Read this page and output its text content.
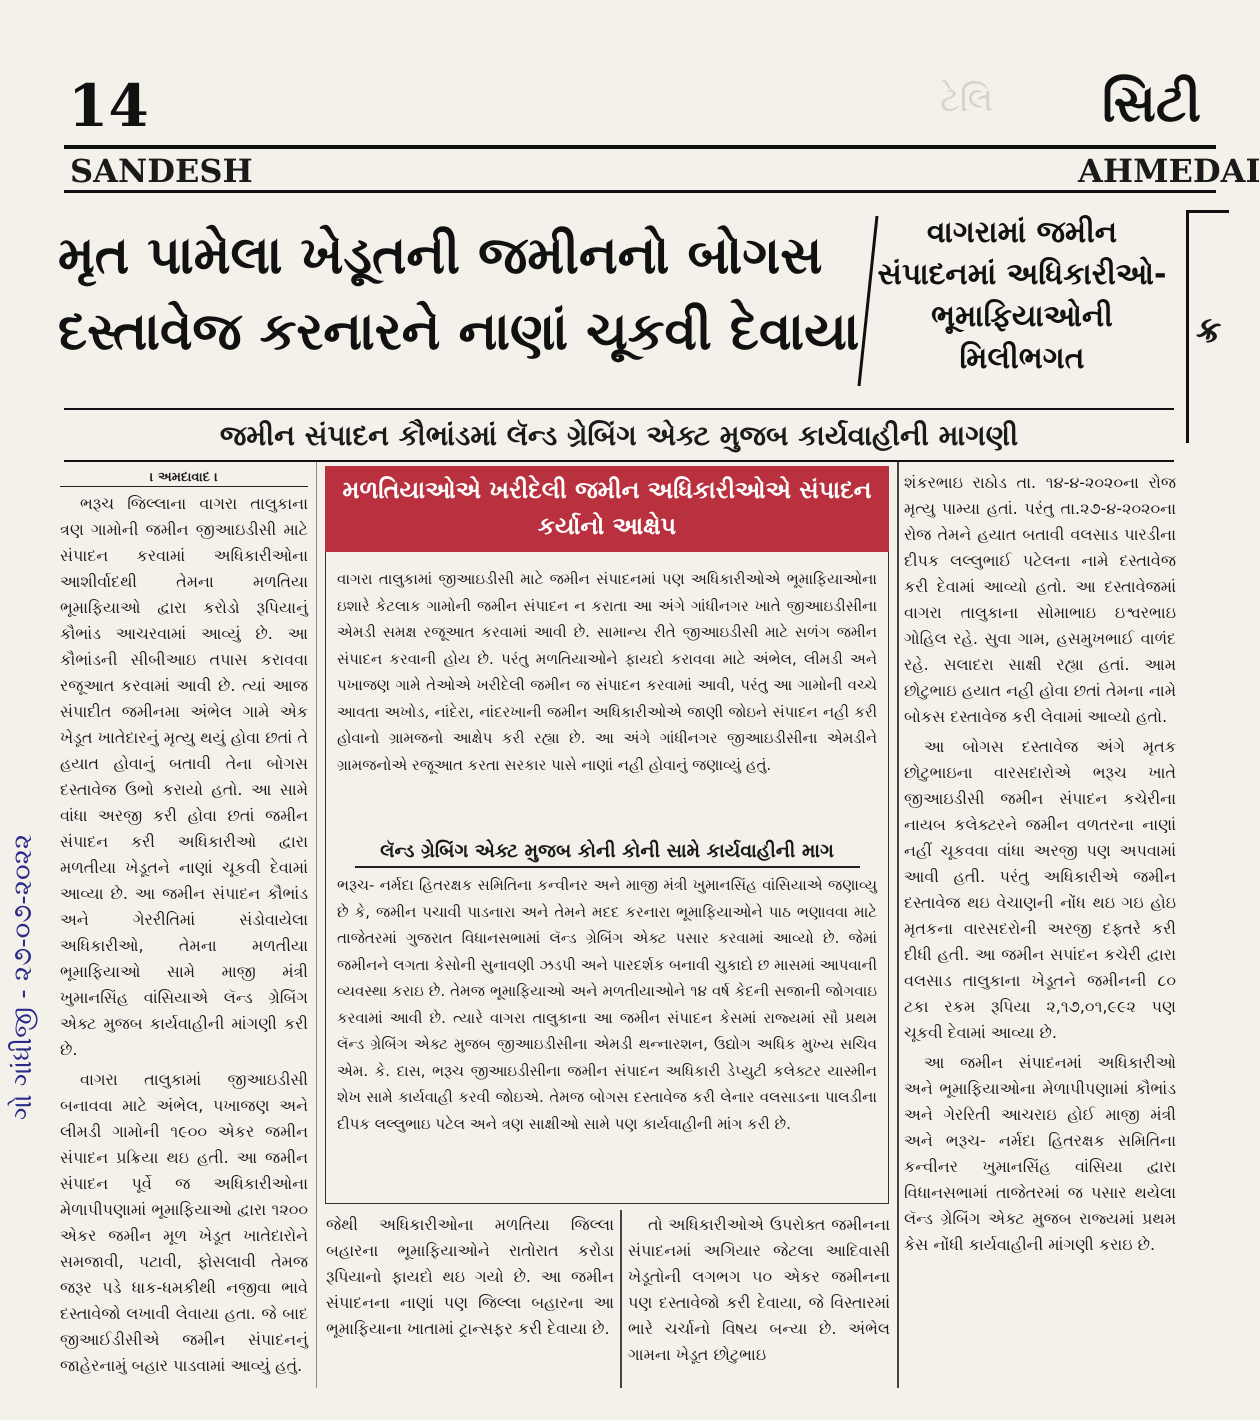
ટેલિ
14	સિટી
SANDESH	AHMEDAI
મૃત પામેલા ખેડૂતની જમીનનો બોગસ
દસ્તાવેજ કરનારને નાણાં ચૂકવી દેવાયા
વાગરામાં જમીન સંપાદનમાં અધિકારીઓ-ભૂમાફિયાઓની મિલીભગત
ક્ર
જમીન સંપાદન કૌભાંડમાં લૅન્ડ ગ્રેબિંગ એક્ટ મુજબ કાર્યવાહીની માગણી
ગો ગાંધીજી - ૨૭-૦૭-૨૦૨૨
। અમદાવાદ ।

ભરૂચ જિલ્લાના વાગરા તાલુકાના ત્રણ ગામોની જમીન જીઆઇડીસી માટે સંપાદન કરવામાં અધિકારીઓના આશીર્વાદથી તેમના મળતિયા ભૂમાફિયાઓ દ્વારા કરોડો રૂપિયાનું કૌભાંડ આચરવામાં આવ્યું છે. આ કૌભાંડની સીબીઆઇ તપાસ કરાવવા રજૂઆત કરવામાં આવી છે. ત્યાં આજ સંપાદીત જમીનમા અંભેલ ગામે એક ખેડૂત ખાતેદારનું મૃત્યુ થયું હોવા છતાં તે હયાત હોવાનું બતાવી તેના બોગસ દસ્તાવેજ ઉભો કરાયો હતો. આ સામે વાંધા અરજી કરી હોવા છતાં જમીન સંપાદન કરી અધિકારીઓ દ્વારા મળતીયા ખેડૂતને નાણાં ચૂકવી દેવામાં આવ્યા છે. આ જમીન સંપાદન કૌભાંડ અને ગેરરીતિમાં સંડોવાયેલા અધિકારીઓ, તેમના મળતીયા ભૂમાફિયાઓ સામે માજી મંત્રી ખુમાનસિંહ વાંસિયાએ લૅન્ડ ગ્રેબિંગ એક્ટ મુજબ કાર્યવાહીની માંગણી કરી છે.

વાગરા તાલુકામાં જીઆઇડીસી બનાવવા માટે અંભેલ, પખાજણ અને લીમડી ગામોની ૧૯૦૦ એકર જમીન સંપાદન પ્રક્રિયા થઇ હતી. આ જમીન સંપાદન પૂર્વે જ અધિકારીઓના મેળાપીપણામાં ભૂમાફિયાઓ દ્વારા ૧૨૦૦ એકર જમીન મૂળ ખેડૂત ખાતેદારોને સમજાવી, પટાવી, ફોસલાવી તેમજ જરૂર પડે ધાક-ધમકીથી નજીવા ભાવે દસ્તાવેજો લખાવી લેવાયા હતા. જે બાદ જીઆઈડીસીએ જમીન સંપાદનનું જાહેરનામું બહાર પાડવામાં આવ્યું હતું.

મળતિયાઓએ ખરીદેલી જમીન અધિકારીઓએ સંપાદન કર્યાનો આક્ષેપ
વાગરા તાલુકામાં જીઆઇડીસી માટે જમીન સંપાદનમાં પણ અધિકારીઓએ ભૂમાફિયાઓના ઇશારે કેટલાક ગામોની જમીન સંપાદન ન કરાતા આ અંગે ગાંધીનગર ખાતે જીઆઇડીસીના એમડી સમક્ષ રજૂઆત કરવામાં આવી છે. સામાન્ય રીતે જીઆઇડીસી માટે સળંગ જમીન સંપાદન કરવાની હોય છે. પરંતુ મળતિયાઓને ફાયદો કરાવવા માટે અંભેલ, લીમડી અને પખાજણ ગામે તેઓએ ખરીદેલી જમીન જ સંપાદન કરવામાં આવી, પરંતુ આ ગામોની વચ્ચે આવતા અખોડ, નાંદેરા, નાંદરખાની જમીન અધિકારીઓએ જાણી જોઇને સંપાદન નહી કરી હોવાનો ગ્રામજનો આક્ષેપ કરી રહ્યા છે. આ અંગે ગાંધીનગર જીઆઇડીસીના એમડીને ગ્રામજનોએ રજૂઆત કરતા સરકાર પાસે નાણાં નહી હોવાનું જણાવ્યું હતું.
લૅન્ડ ગ્રેબિંગ એક્ટ મુજબ કોની કોની સામે કાર્યવાહીની માગ
ભરૂચ- નર્મદા હિતરક્ષક સમિતિના કન્વીનર અને માજી મંત્રી ખુમાનસિંહ વાંસિયાએ જણાવ્યુ છે કે, જમીન પચાવી પાડનારા અને તેમને મદદ કરનારા ભૂમાફિયાઓને પાઠ ભણાવવા માટે તાજેતરમાં ગુજરાત વિધાનસભામાં લૅન્ડ ગ્રેબિંગ એક્ટ પસાર કરવામાં આવ્યો છે. જેમાં જમીનને લગતા કેસોની સુનાવણી ઝડપી અને પારદર્શક બનાવી ચુકાદો છ માસમાં આપવાની વ્યવસ્થા કરાઇ છે. તેમજ ભૂમાફિયાઓ અને મળતીયાઓને ૧૪ વર્ષ કેદની સજાની જોગવાઇ કરવામાં આવી છે. ત્યારે વાગરા તાલુકાના આ જમીન સંપાદન કેસમાં રાજ્યમાં સૌ પ્રથમ લૅન્ડ ગ્રેબિંગ એક્ટ મુજબ જીઆઇડીસીના એમડી થન્નારશન, ઉદ્યોગ અધિક મુખ્ય સચિવ એમ. કે. દાસ, ભરૂચ જીઆઇડીસીના જમીન સંપાદન અધિકારી ડેપ્યુટી કલેક્ટર યાસ્મીન શેખ સામે કાર્યવાહી કરવી જોઇએ. તેમજ બોગસ દસ્તાવેજ કરી લેનાર વલસાડના પાલડીના દીપક લલ્લુભાઇ પટેલ અને ત્રણ સાક્ષીઓ સામે પણ કાર્યવાહીની માંગ કરી છે.

જેથી અધિકારીઓના મળતિયા જિલ્લા બહારના ભૂમાફિયાઓને રાતોરાત કરોડા રૂપિયાનો ફાયદો થઇ ગયો છે. આ જમીન સંપાદનના નાણાં પણ જિલ્લા બહારના આ ભૂમાફિયાના ખાતામાં ટ્રાન્સફર કરી દેવાયા છે.

તો અધિકારીઓએ ઉપરોક્ત જમીનના સંપાદનમાં અગિયાર જેટલા આદિવાસી ખેડૂતોની લગભગ ૫૦ એકર જમીનના પણ દસ્તાવેજો કરી દેવાયા, જે વિસ્તારમાં ભારે ચર્ચાનો વિષય બન્યા છે. અંભેલ ગામના ખેડૂત છોટુભાઇ

શંકરભાઇ રાઠોડ તા. ૧૪-૪-૨૦૨૦ના રોજ મૃત્યુ પામ્યા હતાં. પરંતુ તા.૨૭-૪-૨૦૨૦ના રોજ તેમને હયાત બતાવી વલસાડ પારડીના દીપક લલ્લુભાઈ પટેલના નામે દસ્તાવેજ કરી દેવામાં આવ્યો હતો. આ દસ્તાવેજમાં વાગરા તાલુકાના સોમાભાઇ ઇશ્વરભાઇ ગોહિલ રહે. સુવા ગામ, હસમુખભાઈ વાળંદ રહે. સલાદરા સાક્ષી રહ્યા હતાં. આમ છોટુભાઇ હયાત નહી હોવા છતાં તેમના નામે બોકસ દસ્તાવેજ કરી લેવામાં આવ્યો હતો.

આ બોગસ દસ્તાવેજ અંગે મૃતક છોટુભાઇના વારસદારોએ ભરૂચ ખાતે જીઆઇડીસી જમીન સંપાદન કચેરીના નાયબ કલેક્ટરને જમીન વળતરના નાણાં નહીં ચૂકવવા વાંધા અરજી પણ અપવામાં આવી હતી. પરંતુ અધિકારીએ જમીન દસ્તાવેજ થઇ વેચાણની નોંધ થઇ ગઇ હોઇ મૃતકના વારસદરોની અરજી દફ્તરે કરી દીધી હતી. આ જમીન સપાંદન કચેરી દ્વારા વલસાડ તાલુકાના ખેડૂતને જમીનની ૮૦ ટકા રકમ રૂપિયા ૨,૧૭,૦૧,૯૯૨ પણ ચૂકવી દેવામાં આવ્યા છે.

આ જમીન સંપાદનમાં અધિકારીઓ અને ભૂમાફિયાઓના મેળાપીપણામાં કૌભાંડ અને ગેરરિતી આચરાઇ હોઈ માજી મંત્રી અને ભરૂચ- નર્મદા હિતરક્ષક સમિતિના કન્વીનર ખુમાનસિંહ વાંસિયા દ્વારા વિધાનસભામાં તાજેતરમાં જ પસાર થયેલા લૅન્ડ ગ્રેબિંગ એક્ટ મુજબ રાજ્યમાં પ્રથમ કેસ નોંધી કાર્યવાહીની માંગણી કરાઇ છે.
